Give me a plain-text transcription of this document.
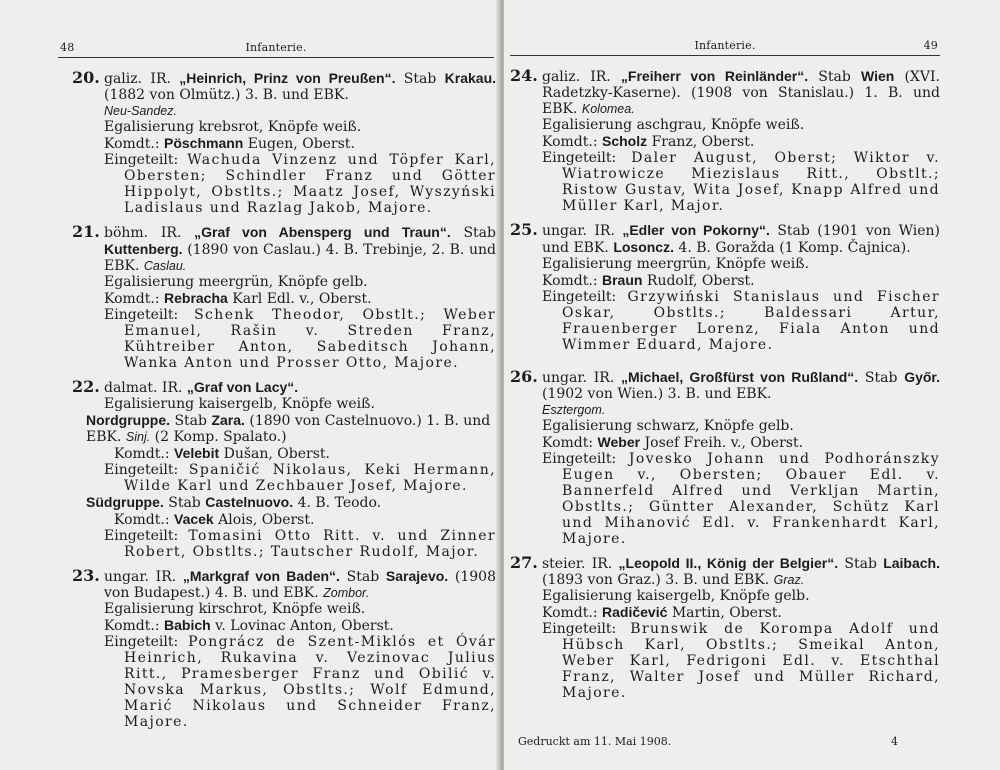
48	Infanterie.
20. galiz. IR. „Heinrich, Prinz von Preußen“. Stab Krakau. (1882 von Olmütz.) 3. B. und EBK.
Neu-Sandez.
Egalisierung krebsrot, Knöpfe weiß.
Komdt.: Pöschmann Eugen, Oberst.
Eingeteilt: Wachuda Vinzenz und Töpfer Karl, Obersten; Schindler Franz und Götter Hippolyt, Obstlts.; Maatz Josef, Wyszyński Ladislaus und Razlag Jakob, Majore.
21. böhm. IR. „Graf von Abensperg und Traun“. Stab Kuttenberg. (1890 von Caslau.) 4. B. Trebinje, 2. B. und EBK. Caslau.
Egalisierung meergrün, Knöpfe gelb.
Komdt.: Rebracha Karl Edl. v., Oberst.
Eingeteilt: Schenk Theodor, Obstlt.; Weber Emanuel, Rašin v. Streden Franz, Kühtreiber Anton, Sabeditsch Johann, Wanka Anton und Prosser Otto, Majore.
22. dalmat. IR. „Graf von Lacy“.
Egalisierung kaisergelb, Knöpfe weiß.
Nordgruppe. Stab Zara. (1890 von Castelnuovo.) 1. B. und EBK. Sinj. (2 Komp. Spalato.)
Komdt.: Velebit Dušan, Oberst.
Eingeteilt: Spaničić Nikolaus, Keki Hermann, Wilde Karl und Zechbauer Josef, Majore.
Südgruppe. Stab Castelnuovo. 4. B. Teodo.
Komdt.: Vacek Alois, Oberst.
Eingeteilt: Tomasini Otto Ritt. v. und Zinner Robert, Obstlts.; Tautscher Rudolf, Major.
23. ungar. IR. „Markgraf von Baden“. Stab Sarajevo. (1908 von Budapest.) 4. B. und EBK. Zombor.
Egalisierung kirschrot, Knöpfe weiß.
Komdt.: Babich v. Lovinac Anton, Oberst.
Eingeteilt: Pongrácz de Szent-Miklós et Óvár Heinrich, Rukavina v. Vezinovac Julius Ritt., Pramesberger Franz und Obilić v. Novska Markus, Obstlts.; Wolf Edmund, Marić Nikolaus und Schneider Franz, Majore.
Infanterie.	49
24. galiz. IR. „Freiherr von Reinländer“. Stab Wien (XVI. Radetzky-Kaserne). (1908 von Stanislau.) 1. B. und EBK. Kolomea.
Egalisierung aschgrau, Knöpfe weiß.
Komdt.: Scholz Franz, Oberst.
Eingeteilt: Daler August, Oberst; Wiktor v. Wiatrowicze Miezislaus Ritt., Obstlt.; Ristow Gustav, Wita Josef, Knapp Alfred und Müller Karl, Major.
25. ungar. IR. „Edler von Pokorny“. Stab (1901 von Wien) und EBK. Losoncz. 4. B. Goražda (1 Komp. Čajnica).
Egalisierung meergrün, Knöpfe weiß.
Komdt.: Braun Rudolf, Oberst.
Eingeteilt: Grzywiński Stanislaus und Fischer Oskar, Obstlts.; Baldessari Artur, Frauenberger Lorenz, Fiala Anton und Wimmer Eduard, Majore.
26. ungar. IR. „Michael, Großfürst von Rußland“. Stab Győr. (1902 von Wien.) 3. B. und EBK.
Esztergom.
Egalisierung schwarz, Knöpfe gelb.
Komdt: Weber Josef Freih. v., Oberst.
Eingeteilt: Jovesko Johann und Podhoránszky Eugen v., Obersten; Obauer Edl. v. Bannerfeld Alfred und Verkljan Martin, Obstlts.; Güntter Alexander, Schütz Karl und Mihanović Edl. v. Frankenhardt Karl, Majore.
27. steier. IR. „Leopold II., König der Belgier“. Stab Laibach. (1893 von Graz.) 3. B. und EBK. Graz.
Egalisierung kaisergelb, Knöpfe gelb.
Komdt.: Radičević Martin, Oberst.
Eingeteilt: Brunswik de Korompa Adolf und Hübsch Karl, Obstlts.; Smeikal Anton, Weber Karl, Fedrigoni Edl. v. Etschthal Franz, Walter Josef und Müller Richard, Majore.
Gedruckt am 11. Mai 1908.	4
